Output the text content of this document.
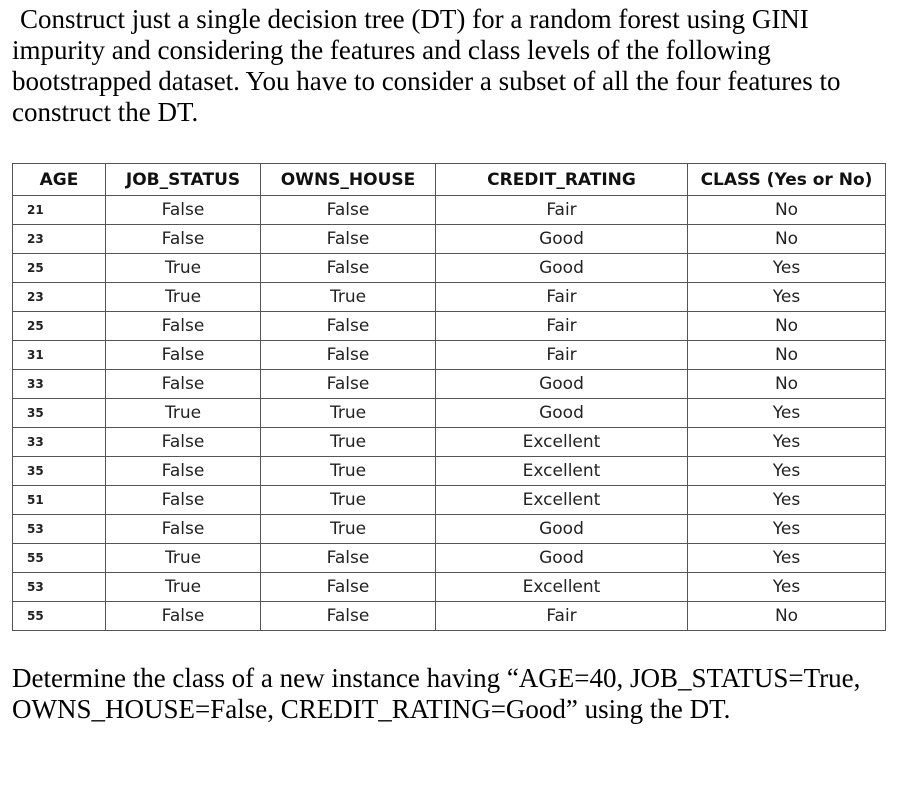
Construct just a single decision tree (DT) for a random forest using GINI impurity and considering the features and class levels of the following bootstrapped dataset. You have to consider a subset of all the four features to construct the DT.

AGE	JOB_STATUS	OWNS_HOUSE	CREDIT_RATING	CLASS (Yes or No)
21	False	False	Fair	No
23	False	False	Good	No
25	True	False	Good	Yes
23	True	True	Fair	Yes
25	False	False	Fair	No
31	False	False	Fair	No
33	False	False	Good	No
35	True	True	Good	Yes
33	False	True	Excellent	Yes
35	False	True	Excellent	Yes
51	False	True	Excellent	Yes
53	False	True	Good	Yes
55	True	False	Good	Yes
53	True	False	Excellent	Yes
55	False	False	Fair	No

Determine the class of a new instance having “AGE=40, JOB_STATUS=True, OWNS_HOUSE=False, CREDIT_RATING=Good” using the DT.
